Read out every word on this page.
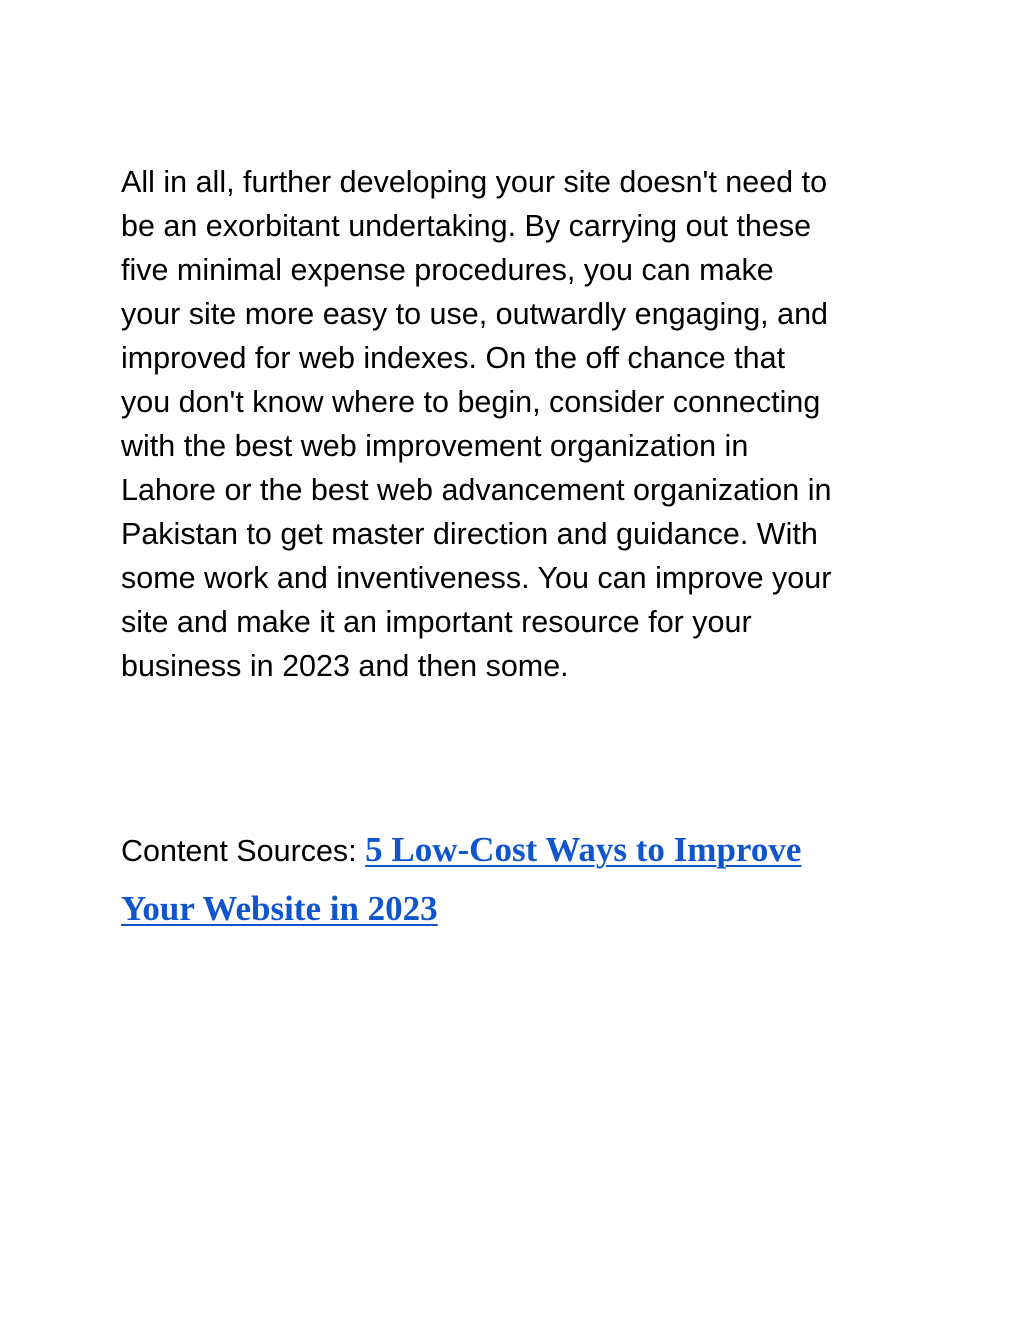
All in all, further developing your site doesn't need to
be an exorbitant undertaking. By carrying out these
five minimal expense procedures, you can make
your site more easy to use, outwardly engaging, and
improved for web indexes. On the off chance that
you don't know where to begin, consider connecting
with the best web improvement organization in
Lahore or the best web advancement organization in
Pakistan to get master direction and guidance. With
some work and inventiveness. You can improve your
site and make it an important resource for your
business in 2023 and then some.
Content Sources: 5 Low-Cost Ways to Improve
Your Website in 2023
